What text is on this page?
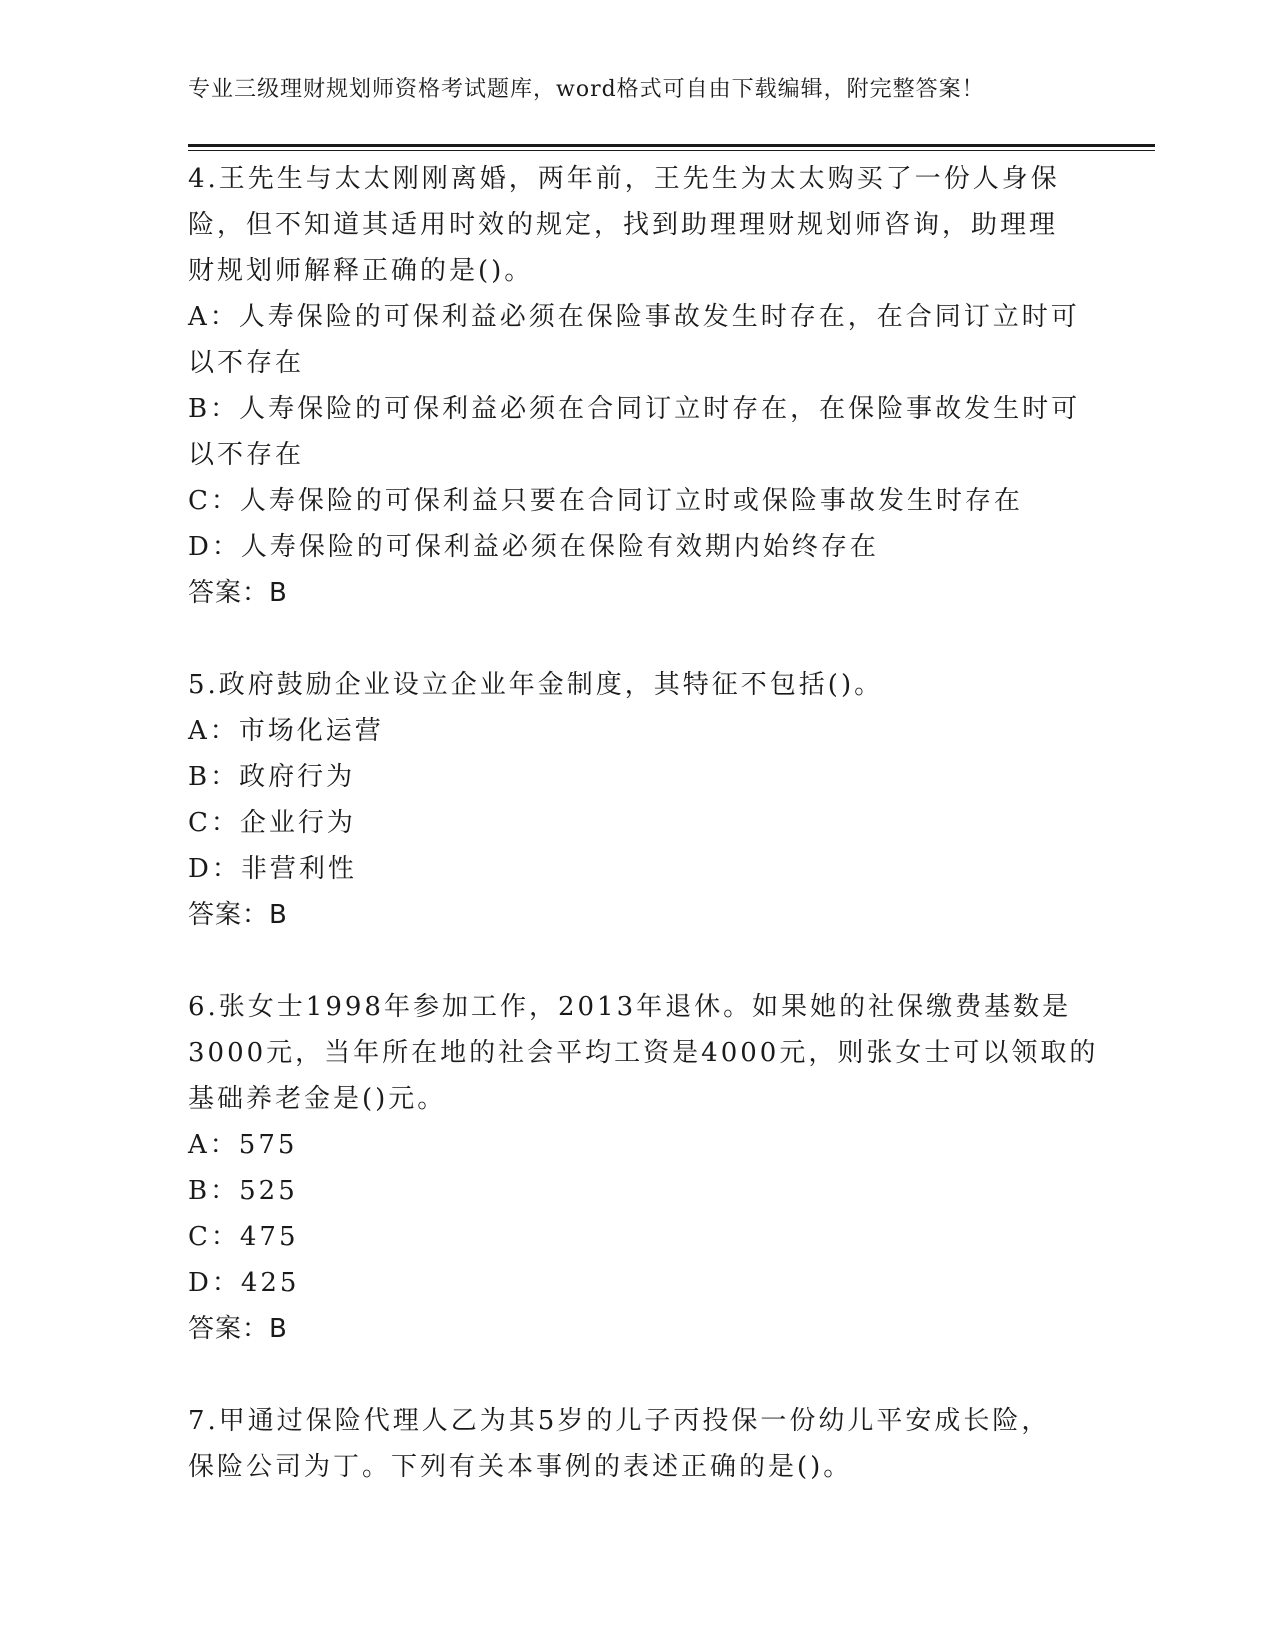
专业三级理财规划师资格考试题库，word格式可自由下载编辑，附完整答案！
4.王先生与太太刚刚离婚，两年前，王先生为太太购买了一份人身保
险，但不知道其适用时效的规定，找到助理理财规划师咨询，助理理
财规划师解释正确的是()。
A：人寿保险的可保利益必须在保险事故发生时存在，在合同订立时可
以不存在
B：人寿保险的可保利益必须在合同订立时存在，在保险事故发生时可
以不存在
C：人寿保险的可保利益只要在合同订立时或保险事故发生时存在
D：人寿保险的可保利益必须在保险有效期内始终存在
答案：B
5.政府鼓励企业设立企业年金制度，其特征不包括()。
A：市场化运营
B：政府行为
C：企业行为
D：非营利性
答案：B
6.张女士1998年参加工作，2013年退休。如果她的社保缴费基数是
3000元，当年所在地的社会平均工资是4000元，则张女士可以领取的
基础养老金是()元。
A：575
B：525
C：475
D：425
答案：B
7.甲通过保险代理人乙为其5岁的儿子丙投保一份幼儿平安成长险，
保险公司为丁。下列有关本事例的表述正确的是()。
